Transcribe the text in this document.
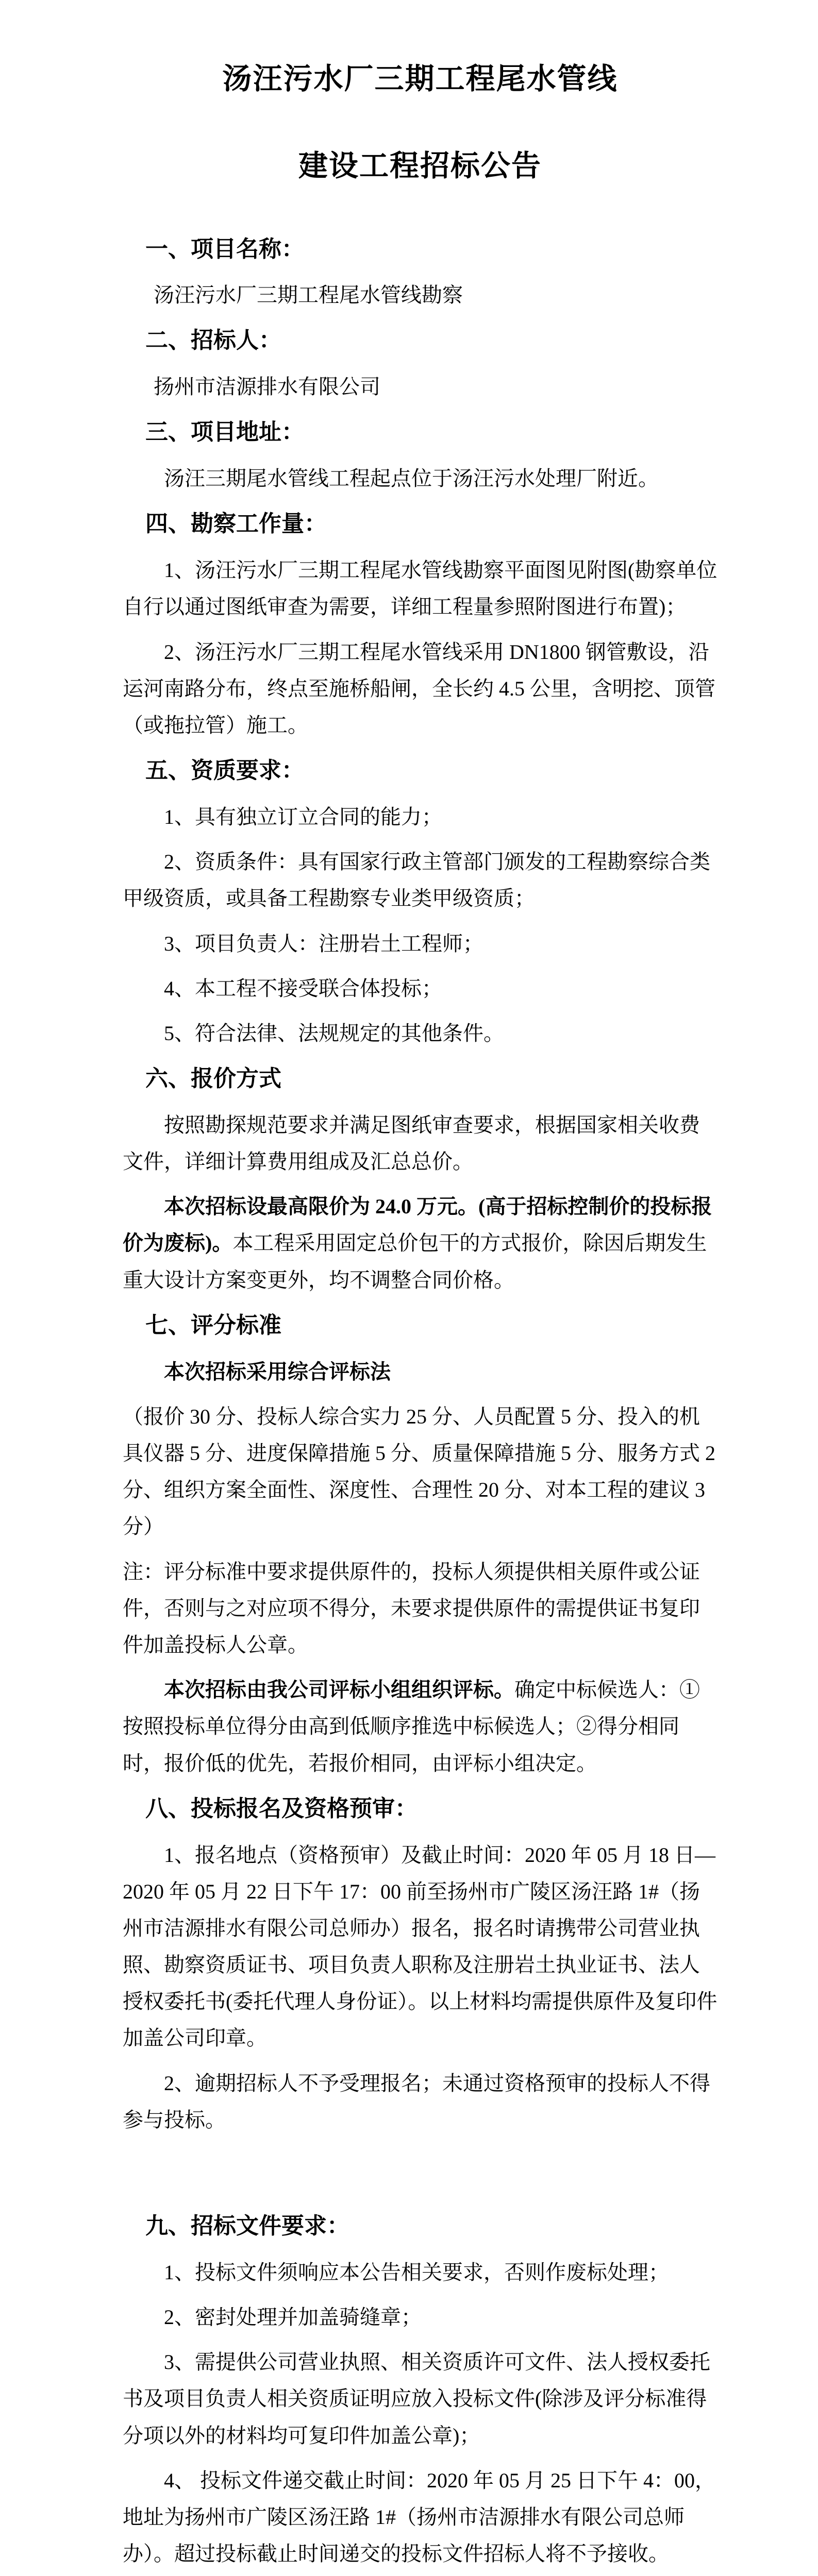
汤汪污水厂三期工程尾水管线
建设工程招标公告
一、项目名称：

汤汪污水厂三期工程尾水管线勘察

二、招标人：

扬州市洁源排水有限公司

三、项目地址：

汤汪三期尾水管线工程起点位于汤汪污水处理厂附近。

四、勘察工作量：

1、汤汪污水厂三期工程尾水管线勘察平面图见附图(勘察单位自行以通过图纸审查为需要，详细工程量参照附图进行布置)；

2、汤汪污水厂三期工程尾水管线采用 DN1800 钢管敷设，沿运河南路分布，终点至施桥船闸，全长约 4.5 公里，含明挖、顶管（或拖拉管）施工。

五、资质要求：

1、具有独立订立合同的能力；

2、资质条件：具有国家行政主管部门颁发的工程勘察综合类甲级资质，或具备工程勘察专业类甲级资质；

3、项目负责人：注册岩土工程师；

4、本工程不接受联合体投标；

5、符合法律、法规规定的其他条件。

六、报价方式

按照勘探规范要求并满足图纸审查要求，根据国家相关收费文件，详细计算费用组成及汇总总价。

本次招标设最高限价为 24.0 万元。(高于招标控制价的投标报价为废标)。本工程采用固定总价包干的方式报价，除因后期发生重大设计方案变更外，均不调整合同价格。

七、评分标准

本次招标采用综合评标法

（报价 30 分、投标人综合实力 25 分、人员配置 5 分、投入的机具仪器 5 分、进度保障措施 5 分、质量保障措施 5 分、服务方式 2 分、组织方案全面性、深度性、合理性 20 分、对本工程的建议 3 分）

注：评分标准中要求提供原件的，投标人须提供相关原件或公证件，否则与之对应项不得分，未要求提供原件的需提供证书复印件加盖投标人公章。

本次招标由我公司评标小组组织评标。确定中标候选人：①按照投标单位得分由高到低顺序推选中标候选人；②得分相同时，报价低的优先，若报价相同，由评标小组决定。

八、投标报名及资格预审：

1、报名地点（资格预审）及截止时间：2020 年 05 月 18 日—2020 年 05 月 22 日下午 17：00 前至扬州市广陵区汤汪路 1#（扬州市洁源排水有限公司总师办）报名，报名时请携带公司营业执照、勘察资质证书、项目负责人职称及注册岩土执业证书、法人授权委托书(委托代理人身份证）。以上材料均需提供原件及复印件加盖公司印章。

2、逾期招标人不予受理报名；未通过资格预审的投标人不得参与投标。

九、招标文件要求：

1、投标文件须响应本公告相关要求，否则作废标处理；

2、密封处理并加盖骑缝章；

3、需提供公司营业执照、相关资质许可文件、法人授权委托书及项目负责人相关资质证明应放入投标文件(除涉及评分标准得分项以外的材料均可复印件加盖公章)；

4、 投标文件递交截止时间：2020 年 05 月 25 日下午 4：00，地址为扬州市广陵区汤汪路 1#（扬州市洁源排水有限公司总师办）。超过投标截止时间递交的投标文件招标人将不予接收。
